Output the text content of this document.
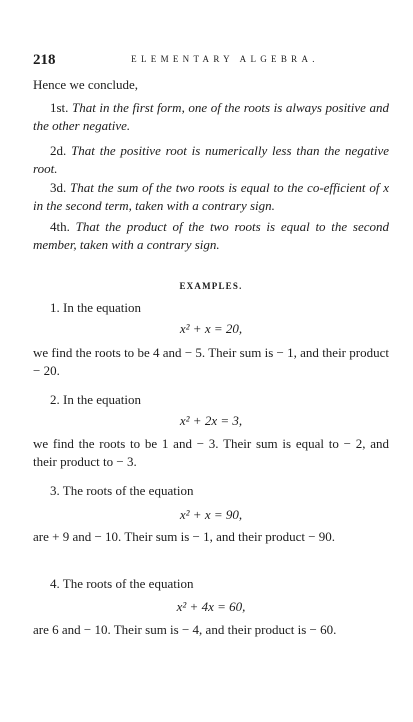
218	ELEMENTARY ALGEBRA.

Hence we conclude,

1st. That in the first form, one of the roots is always positive and the other negative.

2d. That the positive root is numerically less than the negative root.

3d. That the sum of the two roots is equal to the co-efficient of x in the second term, taken with a contrary sign.

4th. That the product of the two roots is equal to the second member, taken with a contrary sign.

EXAMPLES.

1. In the equation

x² + x = 20,

we find the roots to be 4 and − 5. Their sum is − 1, and their product − 20.

2. In the equation

x² + 2x = 3,

we find the roots to be 1 and − 3. Their sum is equal to − 2, and their product to − 3.

3. The roots of the equation

x² + x = 90,

are + 9 and − 10. Their sum is − 1, and their product − 90.

4. The roots of the equation

x² + 4x = 60,

are 6 and − 10. Their sum is − 4, and their product is − 60.
